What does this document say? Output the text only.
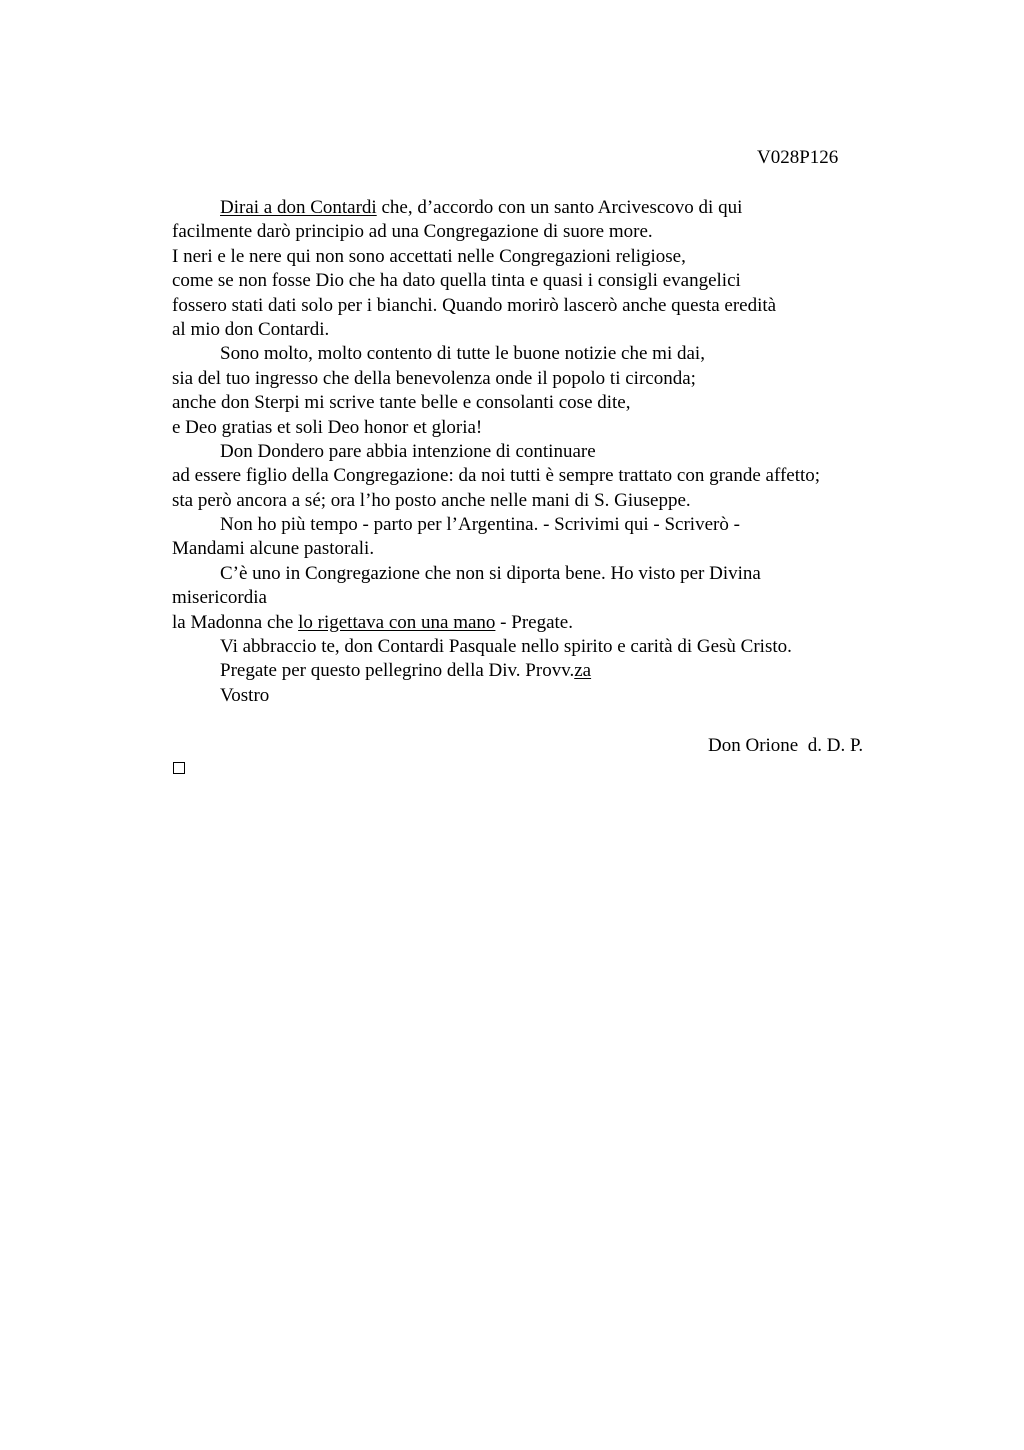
V028P126
Dirai a don Contardi che, d’accordo con un santo Arcivescovo di qui
facilmente darò principio ad una Congregazione di suore more.
I neri e le nere qui non sono accettati nelle Congregazioni religiose,
come se non fosse Dio che ha dato quella tinta e quasi i consigli evangelici
fossero stati dati solo per i bianchi. Quando morirò lascerò anche questa eredità
al mio don Contardi.
Sono molto, molto contento di tutte le buone notizie che mi dai,
sia del tuo ingresso che della benevolenza onde il popolo ti circonda;
anche don Sterpi mi scrive tante belle e consolanti cose dite,
e Deo gratias et soli Deo honor et gloria!
Don Dondero pare abbia intenzione di continuare
ad essere figlio della Congregazione: da noi tutti è sempre trattato con grande affetto;
sta però ancora a sé; ora l’ho posto anche nelle mani di S. Giuseppe.
Non ho più tempo - parto per l’Argentina. - Scrivimi qui - Scriverò -
Mandami alcune pastorali.
C’è uno in Congregazione che non si diporta bene. Ho visto per Divina
misericordia
la Madonna che lo rigettava con una mano - Pregate.
Vi abbraccio te, don Contardi Pasquale nello spirito e carità di Gesù Cristo.
Pregate per questo pellegrino della Div. Provv.za
Vostro
Don Orione  d. D. P.
